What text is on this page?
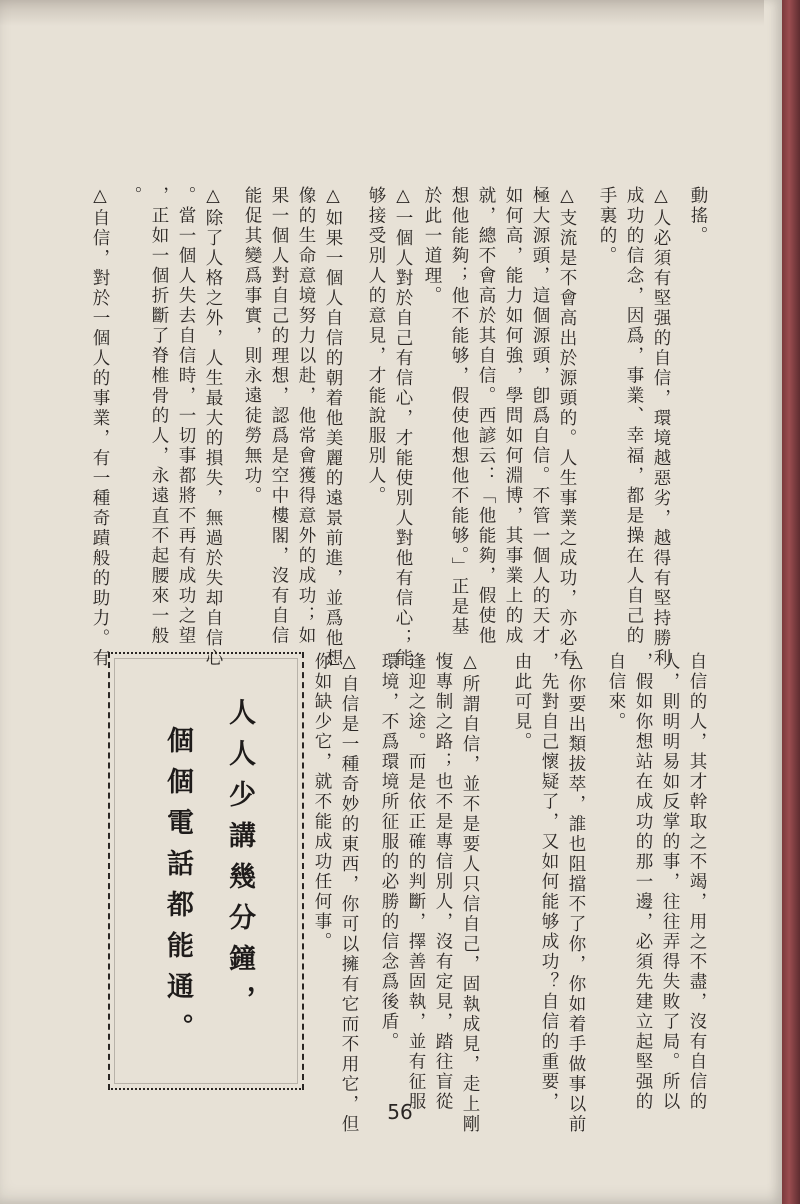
動搖。
△人必須有堅强的自信，環境越惡劣，越得有堅持勝利
成功的信念，因爲，事業、幸福，都是操在人自己的
手裏的。
△支流是不會高出於源頭的。人生事業之成功，亦必有
極大源頭，這個源頭，卽爲自信。不管一個人的天才
如何高，能力如何強，學問如何淵博，其事業上的成
就，總不會高於其自信。西諺云：「他能夠，假使他
想他能夠；他不能够，假使他想他不能够。」正是基
於此一道理。
△一個人對於自己有信心，才能使別人對他有信心；能
够接受別人的意見，才能說服別人。
△如果一個人自信的朝着他美麗的遠景前進，並爲他想
像的生命意境努力以赴，他常會獲得意外的成功；如
果一個人對自己的理想，認爲是空中樓閣，沒有自信
能促其變爲事實，則永遠徒勞無功。
△除了人格之外，人生最大的損失，無過於失却自信心
。當一個人失去自信時，一切事都將不再有成功之望
，正如一個折斷了脊椎骨的人，永遠直不起腰來一般
。
△自信，對於一個人的事業，有一種奇蹟般的助力。有
自信的人，其才幹取之不竭，用之不盡，沒有自信的
人，則明明易如反掌的事，往往弄得失敗了局。所以
，假如你想站在成功的那一邊，必須先建立起堅强的
自信來。
△你要出類拔萃，誰也阻擋不了你，你如着手做事以前
，先對自己懷疑了，又如何能够成功？自信的重要，
由此可見。
△所謂自信，並不是要人只信自己，固執成見，走上剛
愎專制之路；也不是專信別人，沒有定見，踏往盲從
逢迎之途。而是依正確的判斷，擇善固執，並有征服
環境，不爲環境所征服的必勝的信念爲後盾。
△自信是一種奇妙的東西，你可以擁有它而不用它，但
你如缺少它，就不能成功任何事。
人人少講幾分鐘，
個個電話都能通。
56
